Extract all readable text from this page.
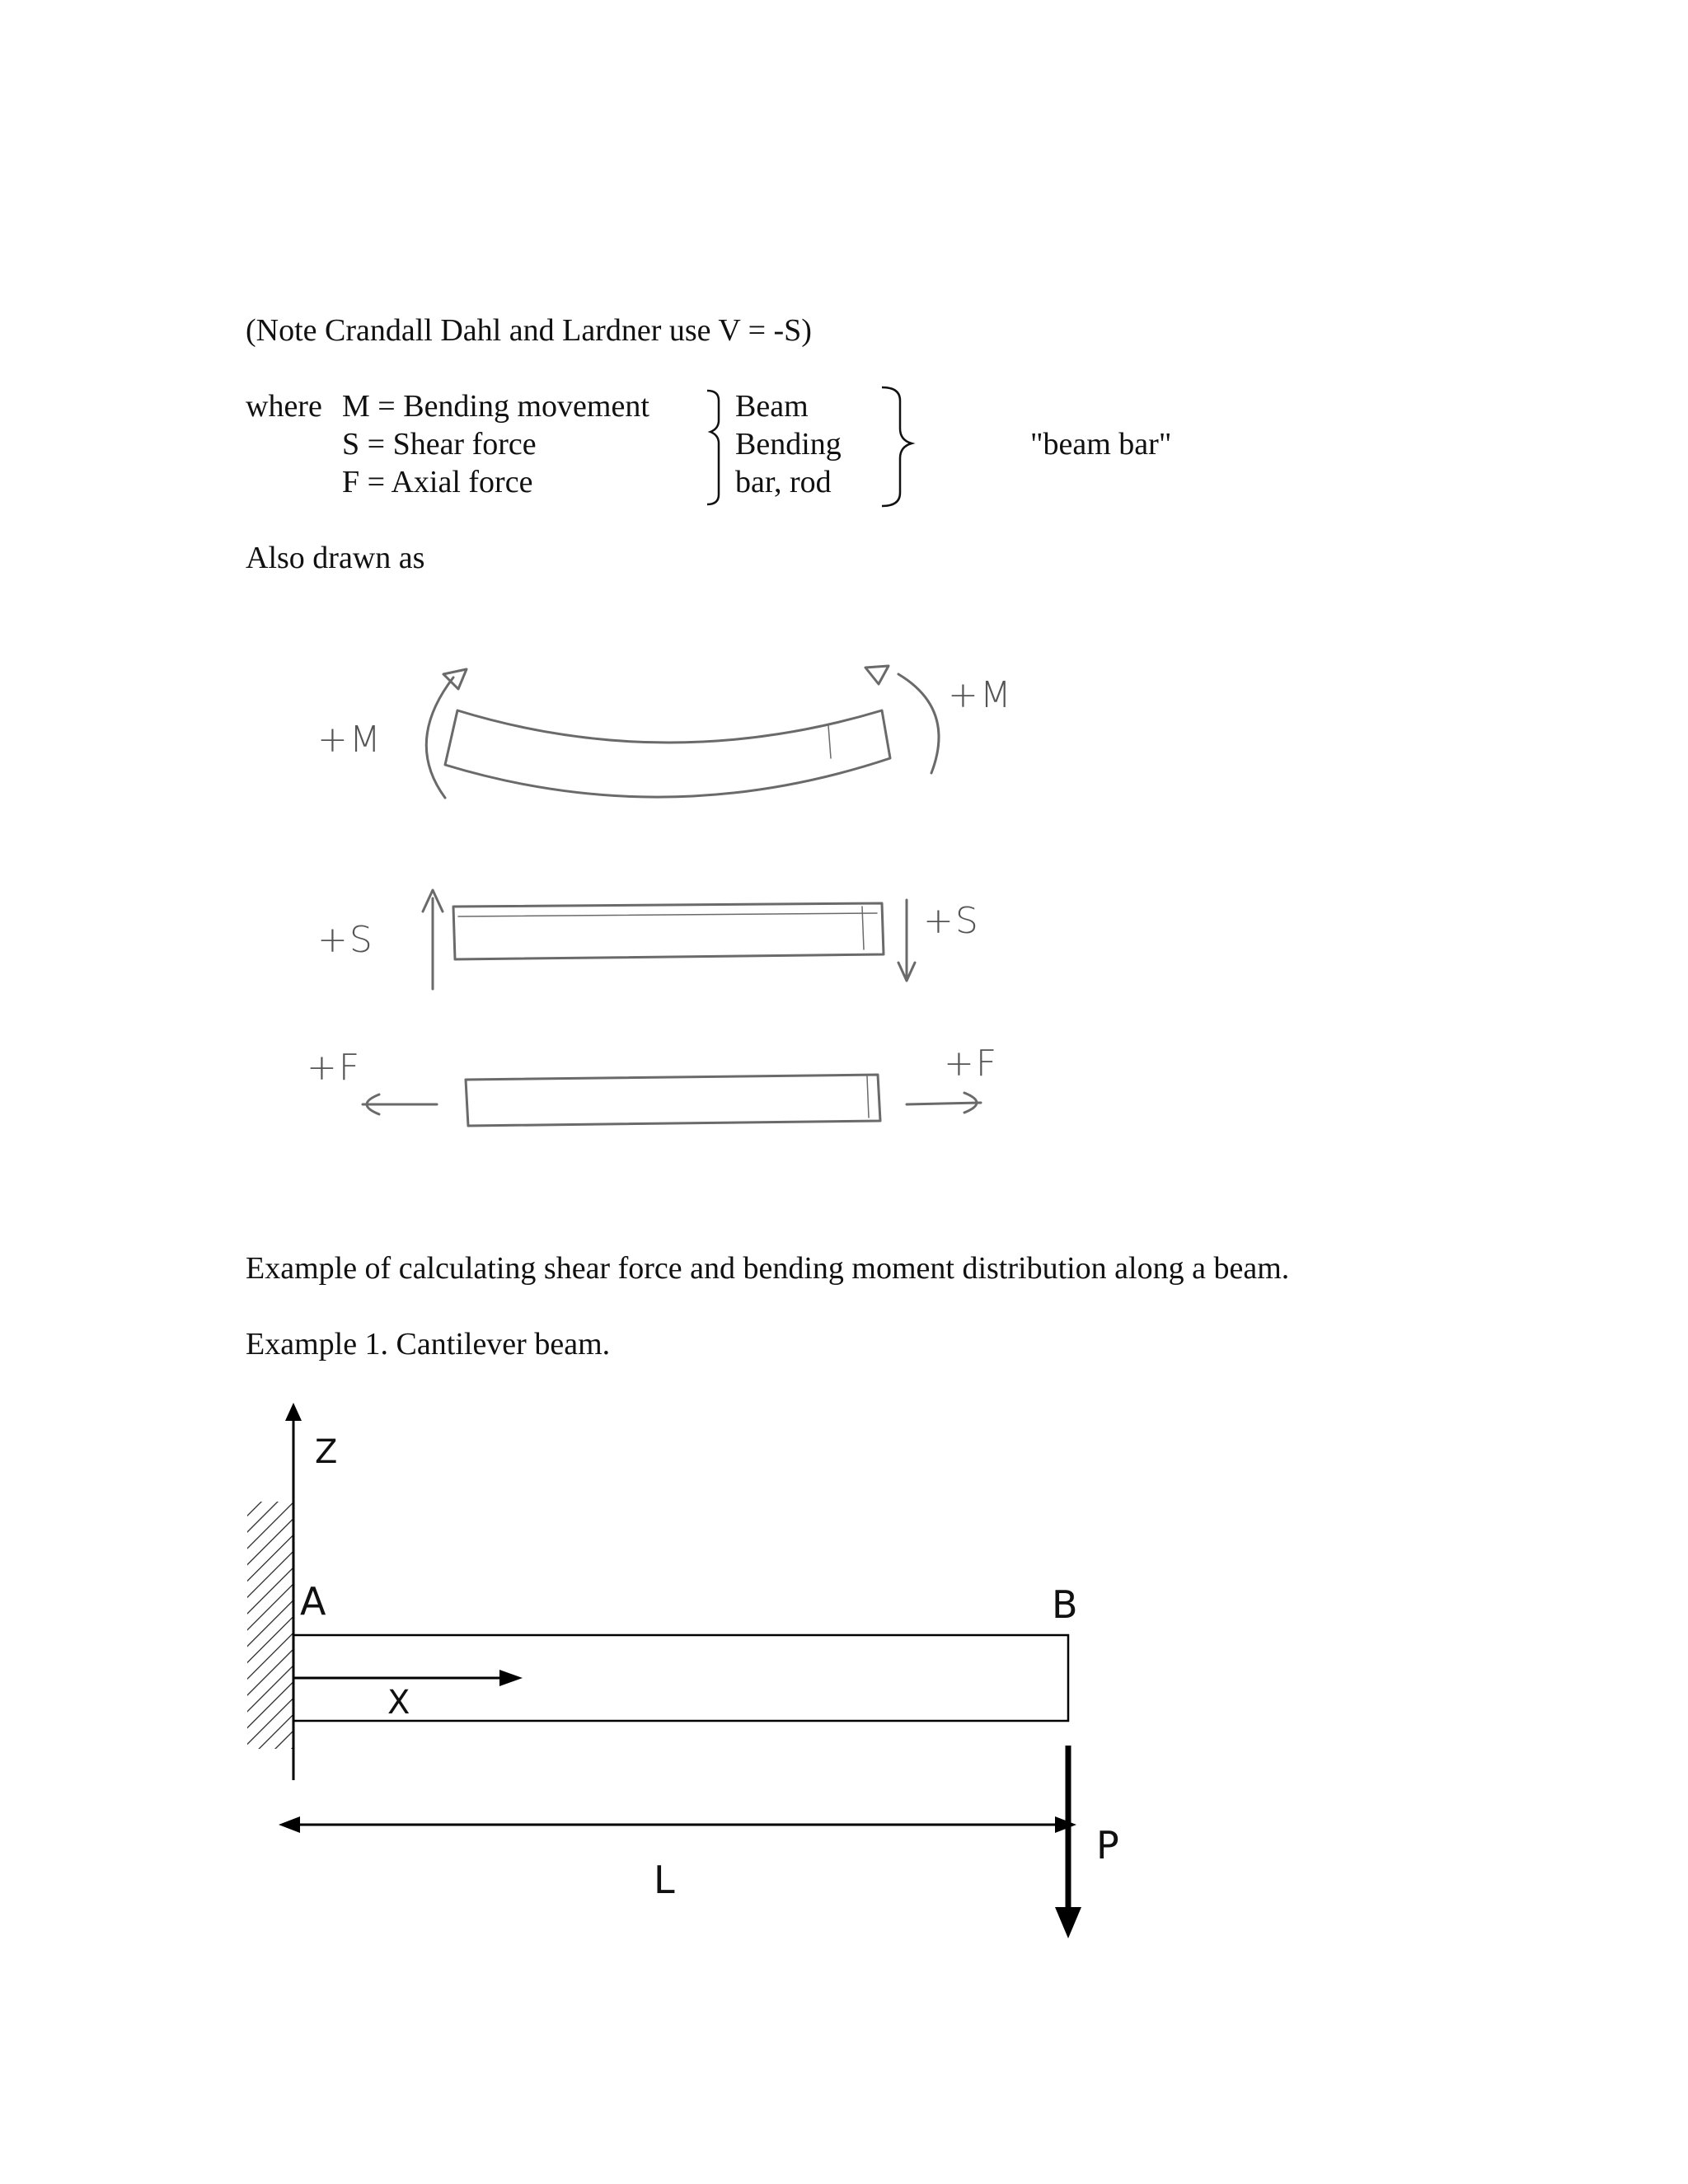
(Note Crandall Dahl and Lardner use V = -S)
where M = Bending movement
S = Shear force
F = Axial force
Beam
Bending
bar, rod
"beam bar"
Also drawn as
+M
+M
+S	+S
+F	+F
Example of calculating shear force and bending moment distribution along a beam.
Example 1. Cantilever beam.
Z
A	B
X
L
P
